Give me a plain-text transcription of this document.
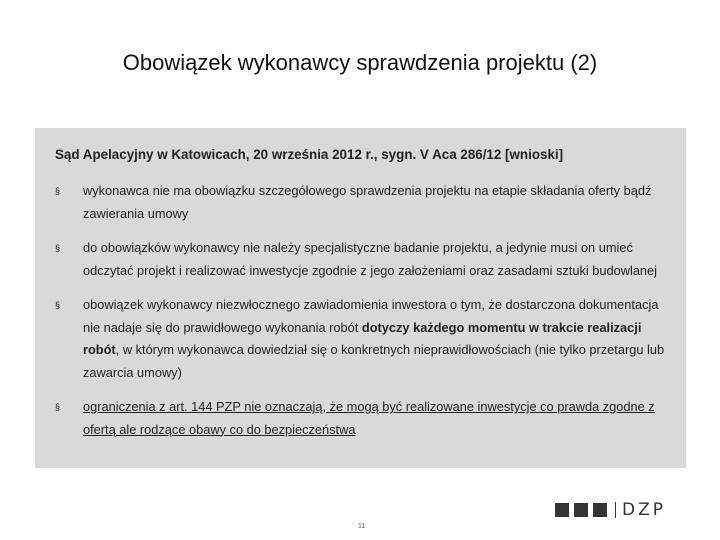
Obowiązek wykonawcy sprawdzenia projektu (2)
Sąd Apelacyjny w Katowicach, 20 września 2012 r., sygn. V Aca 286/12 [wnioski]
§ wykonawca nie ma obowiązku szczegółowego sprawdzenia projektu na etapie składania oferty bądź zawierania umowy
§ do obowiązków wykonawcy nie należy specjalistyczne badanie projektu, a jedynie musi on umieć odczytać projekt i realizować inwestycje zgodnie z jego założeniami oraz zasadami sztuki budowlanej
§ obowiązek wykonawcy niezwłocznego zawiadomienia inwestora o tym, że dostarczona dokumentacja nie nadaje się do prawidłowego wykonania robót dotyczy każdego momentu w trakcie realizacji robót, w którym wykonawca dowiedział się o konkretnych nieprawidłowościach (nie tylko przetargu lub zawarcia umowy)
§ ograniczenia z art. 144 PZP nie oznaczają, że mogą być realizowane inwestycje co prawda zgodne z ofertą ale rodzące obawy co do bezpieczeństwa
DZP
11
